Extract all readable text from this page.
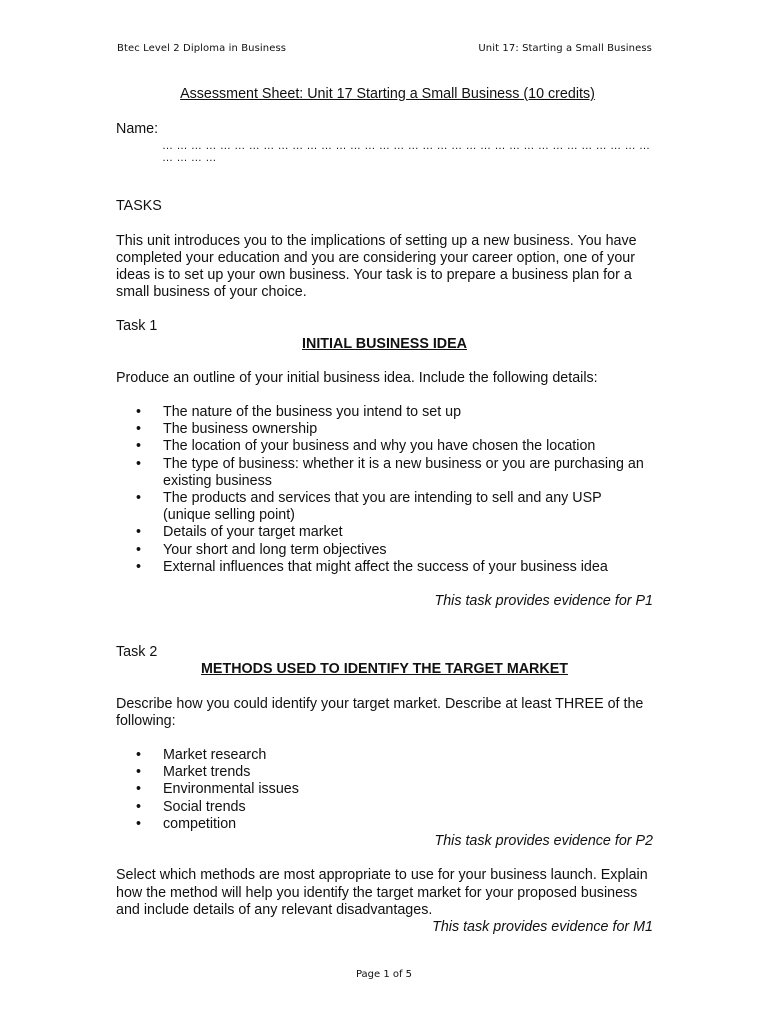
Btec Level 2 Diploma in Business	Unit 17: Starting a Small Business

Assessment Sheet: Unit 17 Starting a Small Business (10 credits)

Name:

… … … … … … … … … … … … … … … … … … … … … … … … … … … … … … … … … … … … … …

TASKS

This unit introduces you to the implications of setting up a new business. You have completed your education and you are considering your career option, one of your ideas is to set up your own business. Your task is to prepare a business plan for a small business of your choice.

Task 1

INITIAL BUSINESS IDEA

Produce an outline of your initial business idea. Include the following details:

• The nature of the business you intend to set up
• The business ownership
• The location of your business and why you have chosen the location
• The type of business: whether it is a new business or you are purchasing an existing business
• The products and services that you are intending to sell and any USP (unique selling point)
• Details of your target market
• Your short and long term objectives
• External influences that might affect the success of your business idea

This task provides evidence for P1

Task 2

METHODS USED TO IDENTIFY THE TARGET MARKET

Describe how you could identify your target market. Describe at least THREE of the following:

• Market research
• Market trends
• Environmental issues
• Social trends
• competition

This task provides evidence for P2

Select which methods are most appropriate to use for your business launch. Explain how the method will help you identify the target market for your proposed business and include details of any relevant disadvantages.

This task provides evidence for M1

Page 1 of 5
